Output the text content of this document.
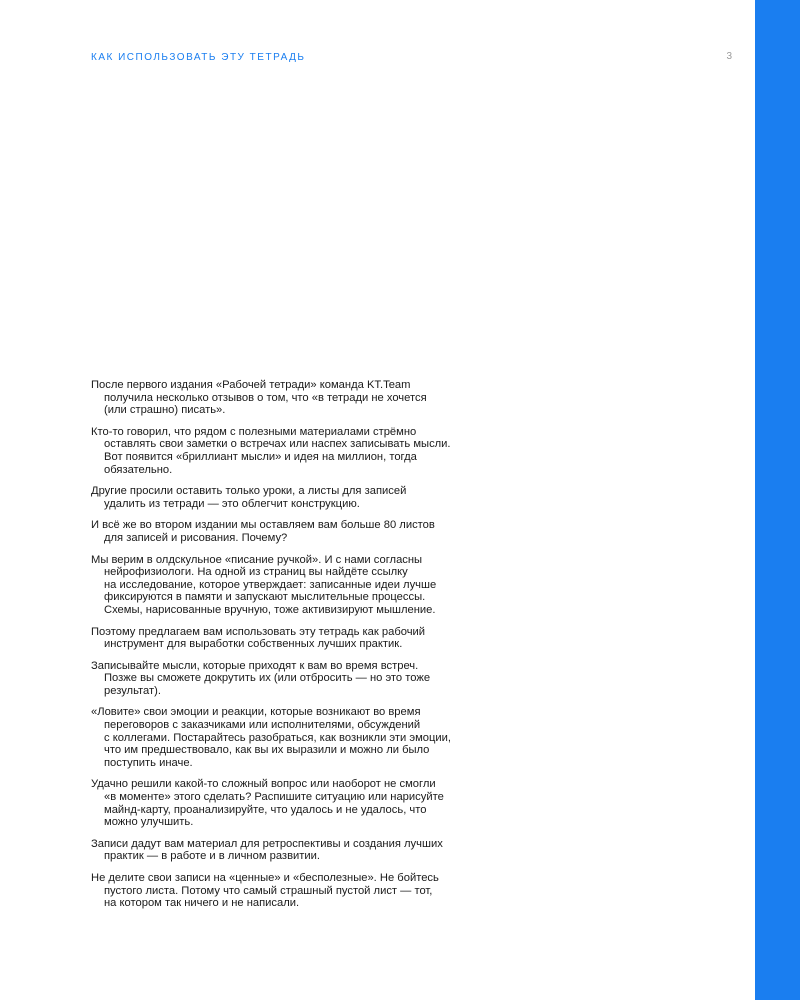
КАК ИСПОЛЬЗОВАТЬ ЭТУ ТЕТРАДЬ	3

После первого издания «Рабочей тетради» команда KT.Team
получила несколько отзывов о том, что «в тетради не хочется
(или страшно) писать».

Кто-то говорил, что рядом с полезными материалами стрёмно
оставлять свои заметки о встречах или наспех записывать мысли.
Вот появится «бриллиант мысли» и идея на миллион, тогда
обязательно.

Другие просили оставить только уроки, а листы для записей
удалить из тетради — это облегчит конструкцию.

И всё же во втором издании мы оставляем вам больше 80 листов
для записей и рисования. Почему?

Мы верим в олдскульное «писание ручкой». И с нами согласны
нейрофизиологи. На одной из страниц вы найдёте ссылку
на исследование, которое утверждает: записанные идеи лучше
фиксируются в памяти и запускают мыслительные процессы.
Схемы, нарисованные вручную, тоже активизируют мышление.

Поэтому предлагаем вам использовать эту тетрадь как рабочий
инструмент для выработки собственных лучших практик.

Записывайте мысли, которые приходят к вам во время встреч.
Позже вы сможете докрутить их (или отбросить — но это тоже
результат).

«Ловите» свои эмоции и реакции, которые возникают во время
переговоров с заказчиками или исполнителями, обсуждений
с коллегами. Постарайтесь разобраться, как возникли эти эмоции,
что им предшествовало, как вы их выразили и можно ли было
поступить иначе.

Удачно решили какой-то сложный вопрос или наоборот не смогли
«в моменте» этого сделать? Распишите ситуацию или нарисуйте
майнд-карту, проанализируйте, что удалось и не удалось, что
можно улучшить.

Записи дадут вам материал для ретроспективы и создания лучших
практик — в работе и в личном развитии.

Не делите свои записи на «ценные» и «бесполезные». Не бойтесь
пустого листа. Потому что самый страшный пустой лист — тот,
на котором так ничего и не написали.
